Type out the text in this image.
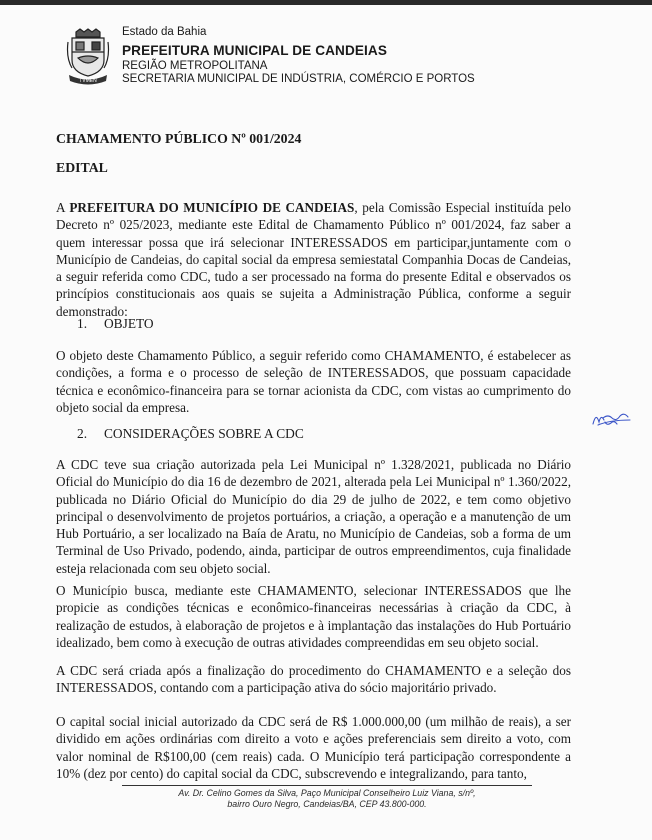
TVMEN
Estado da Bahia
PREFEITURA MUNICIPAL DE CANDEIAS
REGIÃO METROPOLITANA
SECRETARIA MUNICIPAL DE INDÚSTRIA, COMÉRCIO E PORTOS
CHAMAMENTO PÚBLICO Nº 001/2024
EDITAL

A PREFEITURA DO MUNICÍPIO DE CANDEIAS, pela Comissão Especial instituída pelo Decreto nº 025/2023, mediante este Edital de Chamamento Público nº 001/2024, faz saber a quem interessar possa que irá selecionar INTERESSADOS em participar,juntamente com o Município de Candeias, do capital social da empresa semiestatal Companhia Docas de Candeias, a seguir referida como CDC, tudo a ser processado na forma do presente Edital e observados os princípios constitucionais aos quais se sujeita a Administração Pública, conforme a seguir demonstrado:

1. OBJETO

O objeto deste Chamamento Público, a seguir referido como CHAMAMENTO, é estabelecer as condições, a forma e o processo de seleção de INTERESSADOS, que possuam capacidade técnica e econômico-financeira para se tornar acionista da CDC, com vistas ao cumprimento do objeto social da empresa.

2. CONSIDERAÇÕES SOBRE A CDC

A CDC teve sua criação autorizada pela Lei Municipal nº 1.328/2021, publicada no Diário Oficial do Município do dia 16 de dezembro de 2021, alterada pela Lei Municipal nº 1.360/2022, publicada no Diário Oficial do Município do dia 29 de julho de 2022, e tem como objetivo principal o desenvolvimento de projetos portuários, a criação, a operação e a manutenção de um Hub Portuário, a ser localizado na Baía de Aratu, no Município de Candeias, sob a forma de um Terminal de Uso Privado, podendo, ainda, participar de outros empreendimentos, cuja finalidade esteja relacionada com seu objeto social.

O Município busca, mediante este CHAMAMENTO, selecionar INTERESSADOS que lhe propicie as condições técnicas e econômico-financeiras necessárias à criação da CDC, à realização de estudos, à elaboração de projetos e à implantação das instalações do Hub Portuário idealizado, bem como à execução de outras atividades compreendidas em seu objeto social.

A CDC será criada após a finalização do procedimento do CHAMAMENTO e a seleção dos INTERESSADOS, contando com a participação ativa do sócio majoritário privado.

O capital social inicial autorizado da CDC será de R$ 1.000.000,00 (um milhão de reais), a ser dividido em ações ordinárias com direito a voto e ações preferenciais sem direito a voto, com valor nominal de R$100,00 (cem reais) cada. O Município terá participação correspondente a 10% (dez por cento) do capital social da CDC, subscrevendo e integralizando, para tanto,

Av. Dr. Celino Gomes da Silva, Paço Municipal Conselheiro Luiz Viana, s/nº,
bairro Ouro Negro, Candeias/BA, CEP 43.800-000.
